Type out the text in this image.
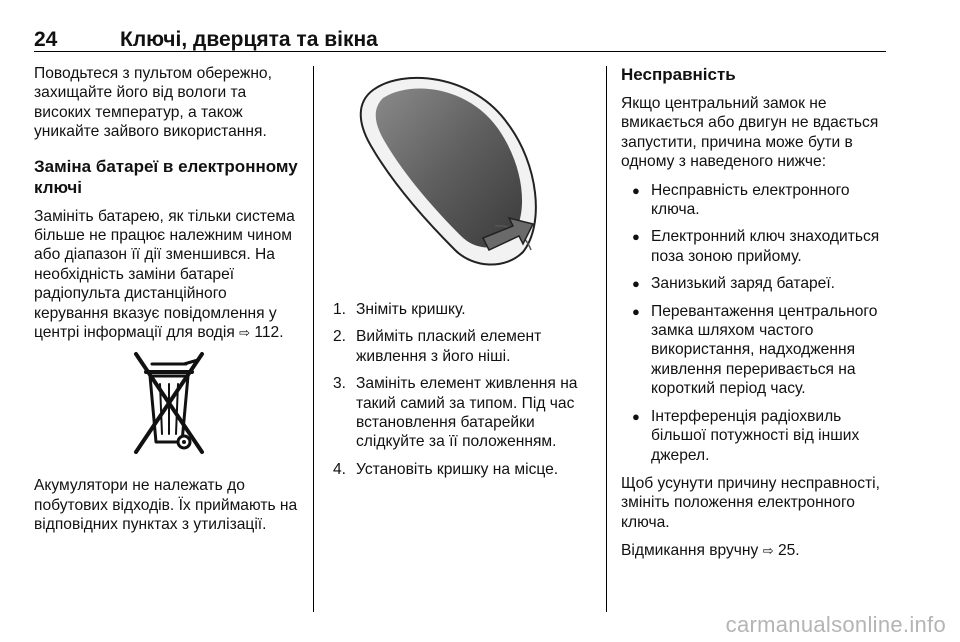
24	Ключі, дверцята та вікна

Поводьтеся з пультом обережно, захищайте його від вологи та високих температур, а також уникайте зайвого використання.

Заміна батареї в електронному ключі

Замініть батарею, як тільки система більше не працює належним чином або діапазон її дії зменшився. На необхідність заміни батареї радіопульта дистанційного керування вказує повідомлення у центрі інформації для водія ⇨ 112.

Акумулятори не належать до побутових відходів. Їх приймають на відповідних пунктах з утилізації.

1. Зніміть кришку.
2. Вийміть плаский елемент живлення з його ніші.
3. Замініть елемент живлення на такий самий за типом. Під час встановлення батарейки слідкуйте за її положенням.
4. Установіть кришку на місце.
Несправність

Якщо центральний замок не вмикається або двигун не вдається запустити, причина може бути в одному з наведеного нижче:

● Несправність електронного ключа.
● Електронний ключ знаходиться поза зоною прийому.
● Занизький заряд батареї.
● Перевантаження центрального замка шляхом частого використання, надходження живлення переривається на короткий період часу.
● Інтерференція радіохвиль більшої потужності від інших джерел.

Щоб усунути причину несправності, змініть положення електронного ключа.

Відмикання вручну ⇨ 25.

carmanualsonline.info
